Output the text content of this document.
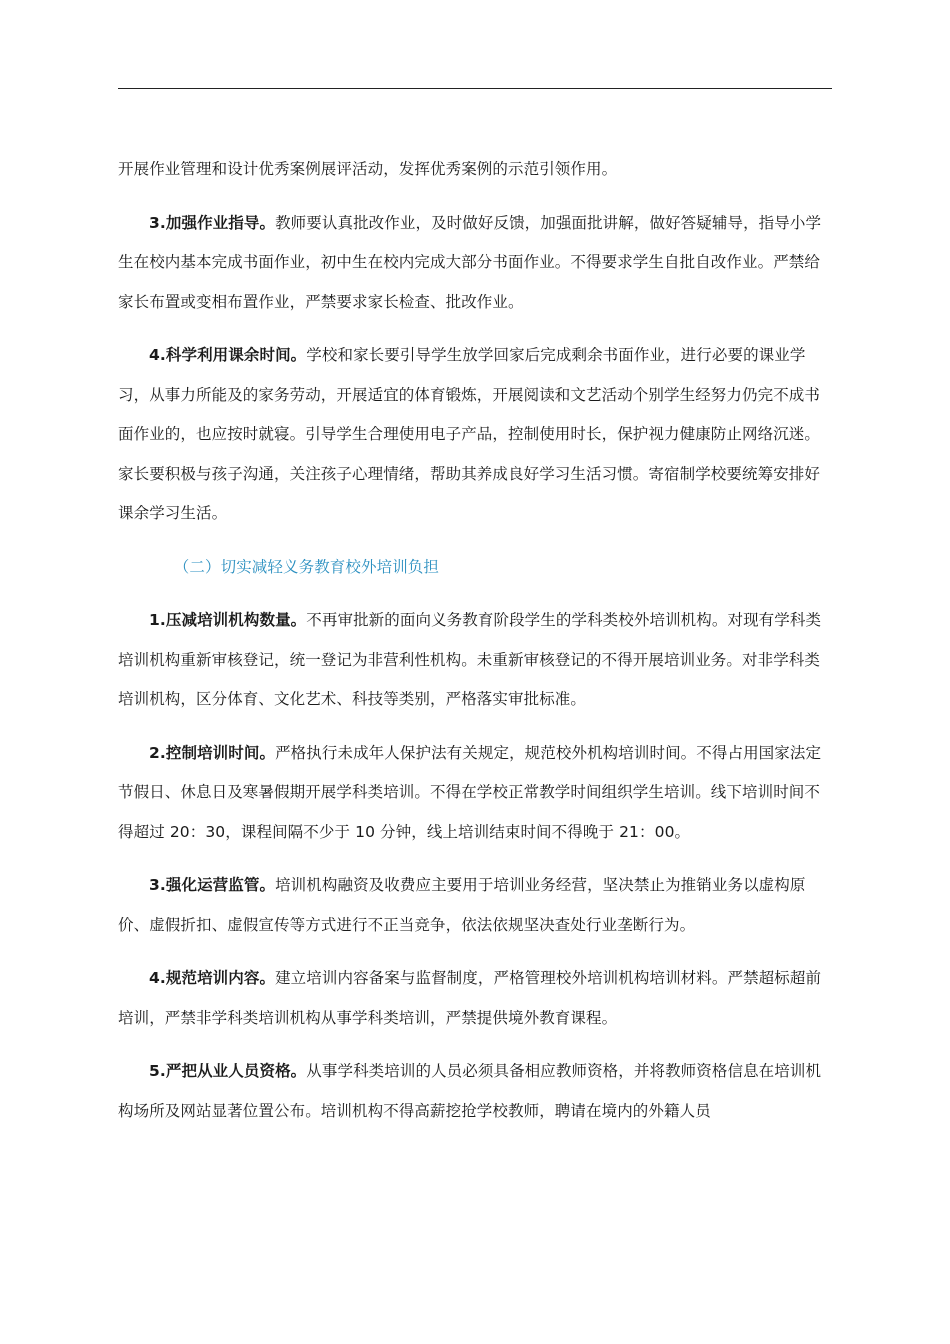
开展作业管理和设计优秀案例展评活动，发挥优秀案例的示范引领作用。

3.加强作业指导。教师要认真批改作业，及时做好反馈，加强面批讲解，做好答疑辅导，指导小学生在校内基本完成书面作业，初中生在校内完成大部分书面作业。不得要求学生自批自改作业。严禁给家长布置或变相布置作业，严禁要求家长检查、批改作业。

4.科学利用课余时间。学校和家长要引导学生放学回家后完成剩余书面作业，进行必要的课业学习，从事力所能及的家务劳动，开展适宜的体育锻炼，开展阅读和文艺活动个别学生经努力仍完不成书面作业的，也应按时就寝。引导学生合理使用电子产品，控制使用时长，保护视力健康防止网络沉迷。家长要积极与孩子沟通，关注孩子心理情绪，帮助其养成良好学习生活习惯。寄宿制学校要统筹安排好课余学习生活。

（二）切实减轻义务教育校外培训负担

1.压减培训机构数量。不再审批新的面向义务教育阶段学生的学科类校外培训机构。对现有学科类培训机构重新审核登记，统一登记为非营利性机构。未重新审核登记的不得开展培训业务。对非学科类培训机构，区分体育、文化艺术、科技等类别，严格落实审批标准。

2.控制培训时间。严格执行未成年人保护法有关规定，规范校外机构培训时间。不得占用国家法定节假日、休息日及寒暑假期开展学科类培训。不得在学校正常教学时间组织学生培训。线下培训时间不得超过 20：30，课程间隔不少于 10 分钟，线上培训结束时间不得晚于 21：00。

3.强化运营监管。培训机构融资及收费应主要用于培训业务经营，坚决禁止为推销业务以虚构原价、虚假折扣、虚假宣传等方式进行不正当竞争，依法依规坚决查处行业垄断行为。

4.规范培训内容。建立培训内容备案与监督制度，严格管理校外培训机构培训材料。严禁超标超前培训，严禁非学科类培训机构从事学科类培训，严禁提供境外教育课程。

5.严把从业人员资格。从事学科类培训的人员必须具备相应教师资格，并将教师资格信息在培训机构场所及网站显著位置公布。培训机构不得高薪挖抢学校教师，聘请在境内的外籍人员
